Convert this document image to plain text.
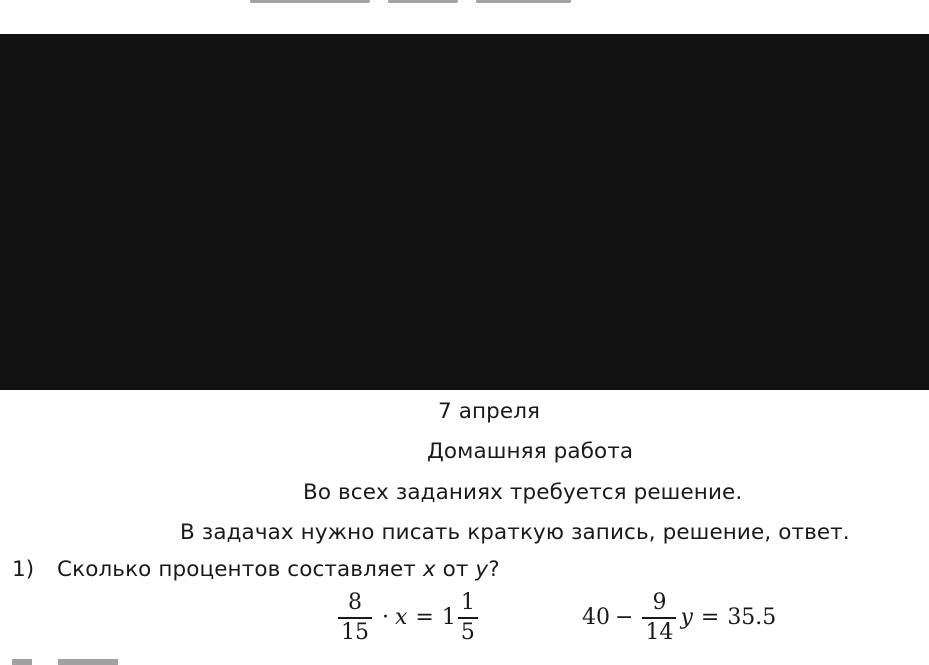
7 апреля
Домашняя работа
Во всех заданиях требуется решение.
В задачах нужно писать краткую запись, решение, ответ.
1) Сколько процентов составляет x от y?
$\frac{8}{15} \cdot x = 1 \frac{1}{5}$	$40 - \frac{9}{14}$ y = 35.5
